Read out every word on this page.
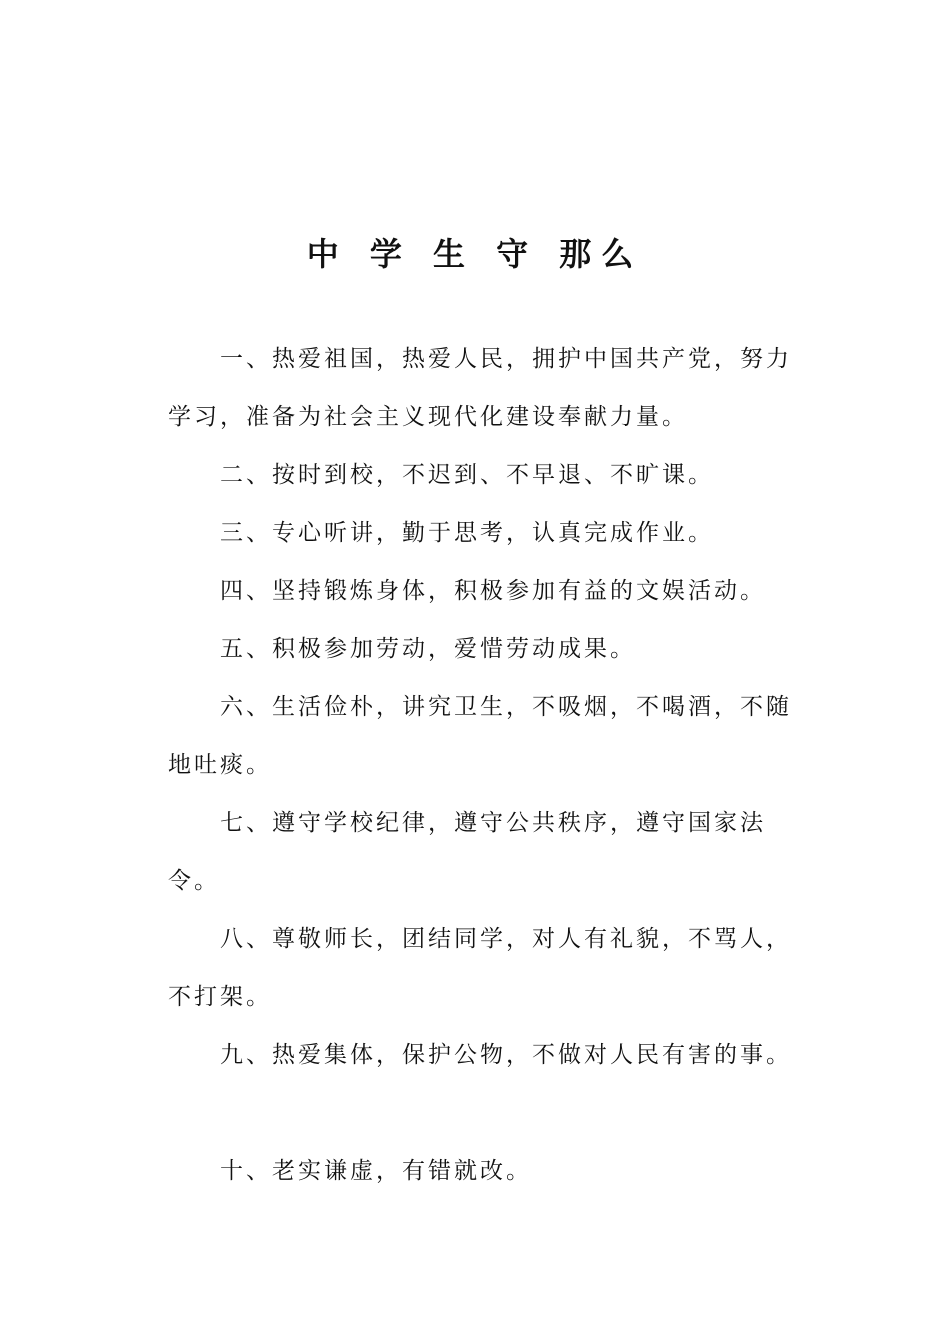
中 学 生 守 那么

一、热爱祖国，热爱人民，拥护中国共产党，努力学习，准备为社会主义现代化建设奉献力量。

二、按时到校，不迟到、不早退、不旷课。

三、专心听讲，勤于思考，认真完成作业。

四、坚持锻炼身体，积极参加有益的文娱活动。

五、积极参加劳动，爱惜劳动成果。

六、生活俭朴，讲究卫生，不吸烟，不喝酒，不随地吐痰。

七、遵守学校纪律，遵守公共秩序，遵守国家法令。

八、尊敬师长，团结同学，对人有礼貌，不骂人，不打架。

九、热爱集体，保护公物，不做对人民有害的事。

十、老实谦虚，有错就改。
